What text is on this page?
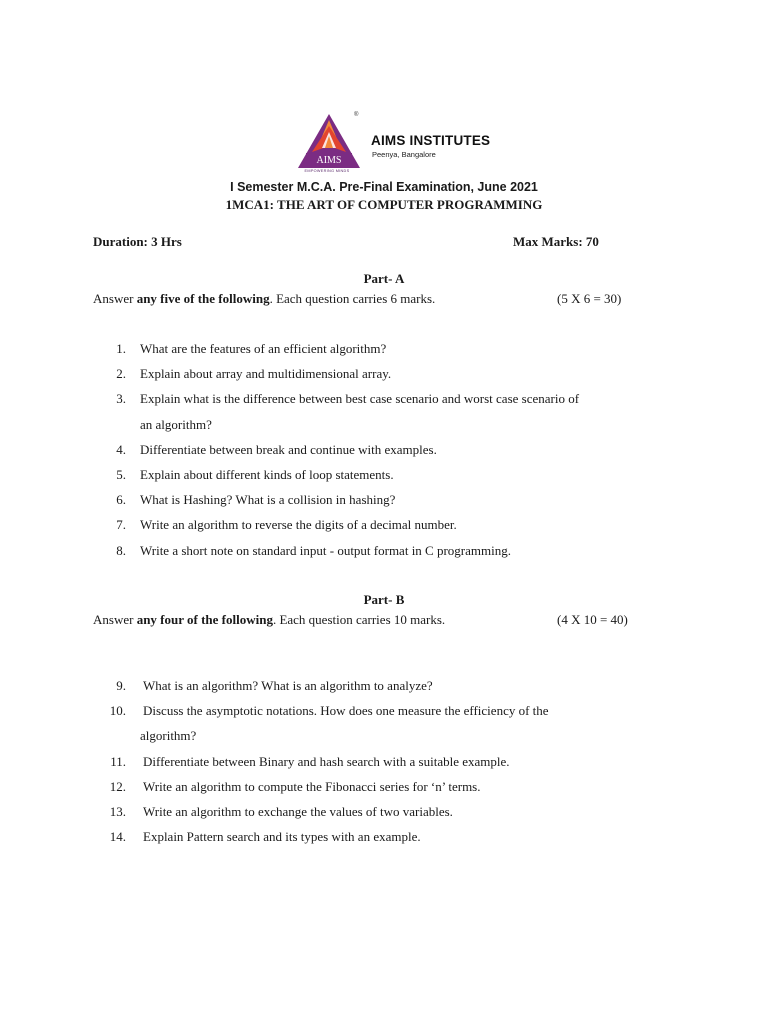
AIMS
®
EMPOWERING MINDS
AIMS INSTITUTES
Peenya, Bangalore
I Semester M.C.A. Pre-Final Examination, June 2021
1MCA1: THE ART OF COMPUTER PROGRAMMING
Duration: 3 Hrs	Max Marks: 70
Part- A
Answer any five of the following. Each question carries 6 marks.	(5 X 6 = 30)
1. What are the features of an efficient algorithm?
2. Explain about array and multidimensional array.
3. Explain what is the difference between best case scenario and worst case scenario of
an algorithm?
4. Differentiate between break and continue with examples.
5. Explain about different kinds of loop statements.
6. What is Hashing? What is a collision in hashing?
7. Write an algorithm to reverse the digits of a decimal number.
8. Write a short note on standard input - output format in C programming.
Part- B
Answer any four of the following. Each question carries 10 marks.	(4 X 10 = 40)
9. What is an algorithm? What is an algorithm to analyze?
10. Discuss the asymptotic notations. How does one measure the efficiency of the
algorithm?
11. Differentiate between Binary and hash search with a suitable example.
12. Write an algorithm to compute the Fibonacci series for ‘n’ terms.
13. Write an algorithm to exchange the values of two variables.
14. Explain Pattern search and its types with an example.
